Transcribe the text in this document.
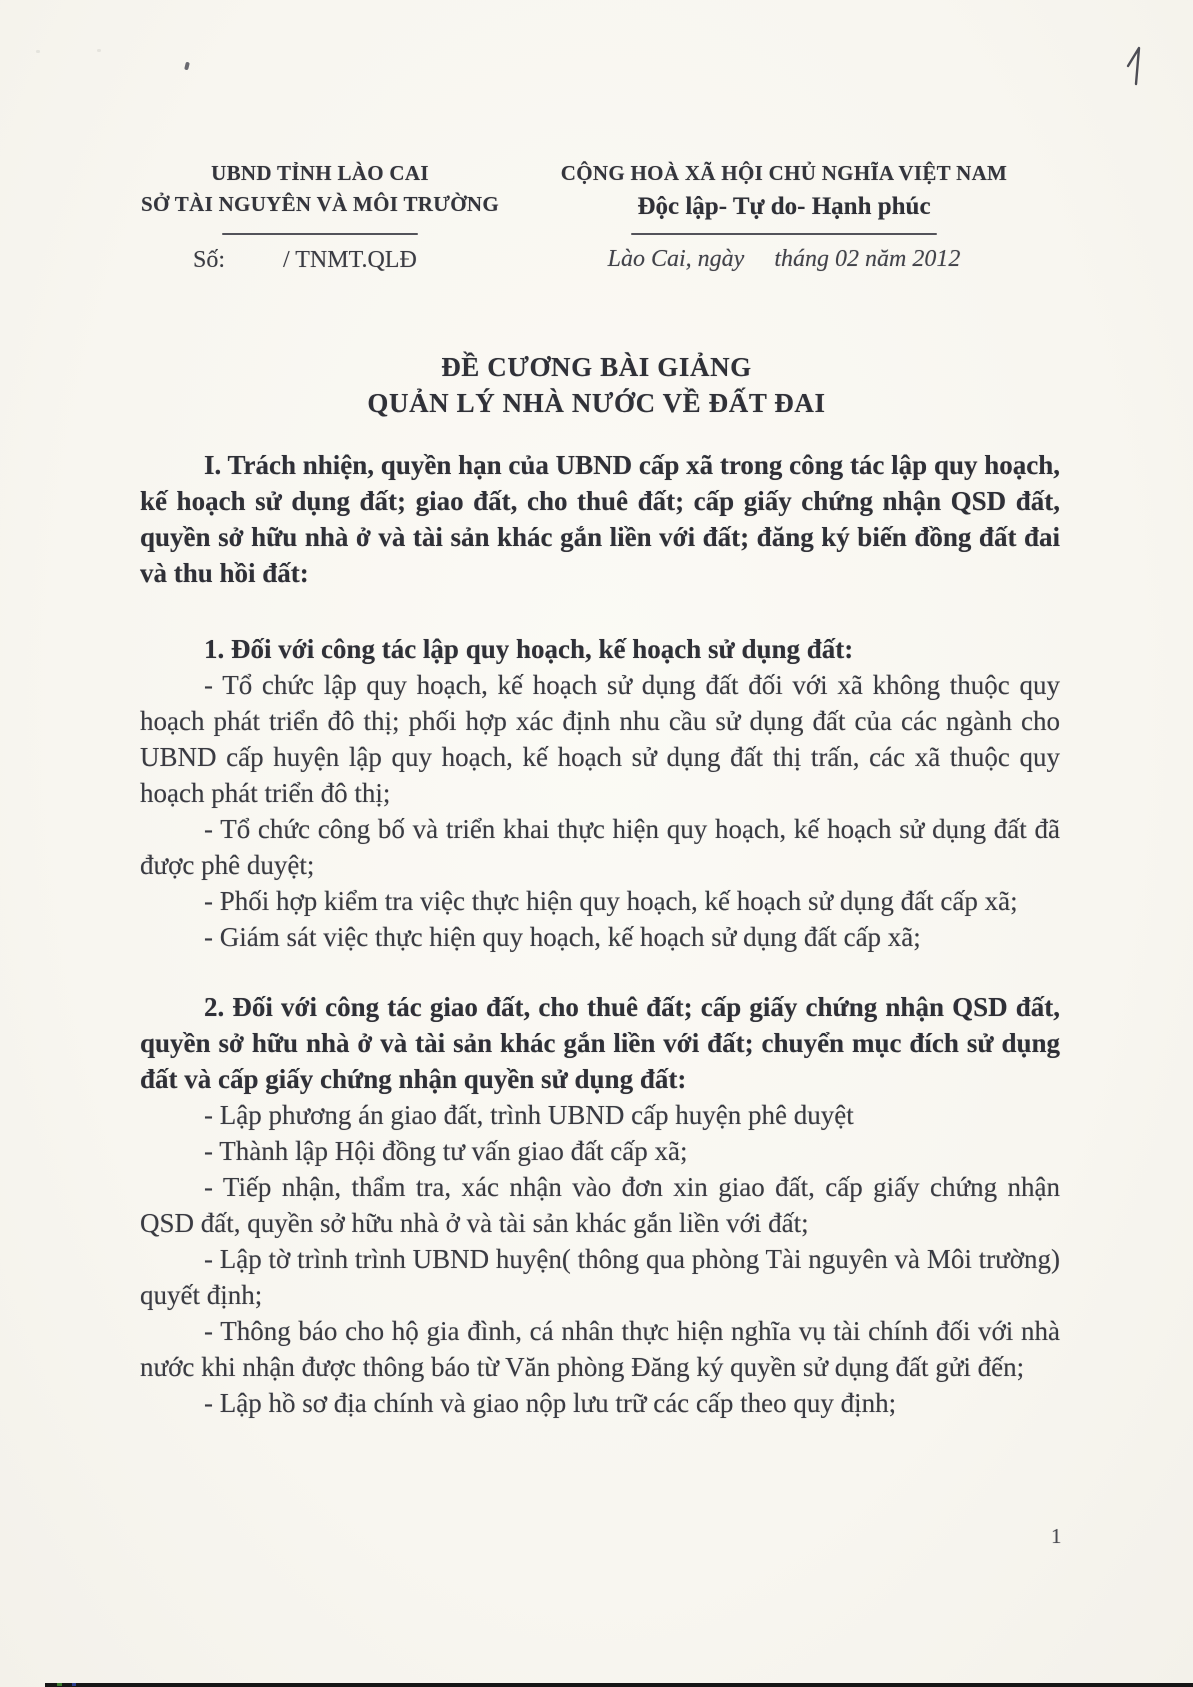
UBND TỈNH LÀO CAI
SỞ TÀI NGUYÊN VÀ MÔI TRƯỜNG
Số: / TNMT.QLĐ
CỘNG HOÀ XÃ HỘI CHỦ NGHĨA VIỆT NAM
Độc lập- Tự do- Hạnh phúc
Lào Cai, ngày     tháng 02 năm 2012
ĐỀ CƯƠNG BÀI GIẢNG
QUẢN LÝ NHÀ NƯỚC VỀ ĐẤT ĐAI

I. Trách nhiện, quyền hạn của UBND cấp xã trong công tác lập quy hoạch, kế hoạch sử dụng đất; giao đất, cho thuê đất; cấp giấy chứng nhận QSD đất, quyền sở hữu nhà ở và tài sản khác gắn liền với đất; đăng ký biến đồng đất đai và thu hồi đất:

1. Đối với công tác lập quy hoạch, kế hoạch sử dụng đất:

- Tổ chức lập quy hoạch, kế hoạch sử dụng đất đối với xã không thuộc quy hoạch phát triển đô thị; phối hợp xác định nhu cầu sử dụng đất của các ngành cho UBND cấp huyện lập quy hoạch, kế hoạch sử dụng đất thị trấn, các xã thuộc quy hoạch phát triển đô thị;

- Tổ chức công bố và triển khai thực hiện quy hoạch, kế hoạch sử dụng đất đã được phê duyệt;

- Phối hợp kiểm tra việc thực hiện quy hoạch, kế hoạch sử dụng đất cấp xã;

- Giám sát việc thực hiện quy hoạch, kế hoạch sử dụng đất cấp xã;

2. Đối với công tác giao đất, cho thuê đất; cấp giấy chứng nhận QSD đất, quyền sở hữu nhà ở và tài sản khác gắn liền với đất; chuyển mục đích sử dụng đất và cấp giấy chứng nhận quyền sử dụng đất:

- Lập phương án giao đất, trình UBND cấp huyện phê duyệt

- Thành lập Hội đồng tư vấn giao đất cấp xã;

- Tiếp nhận, thẩm tra, xác nhận vào đơn xin giao đất, cấp giấy chứng nhận QSD đất, quyền sở hữu nhà ở và tài sản khác gắn liền với đất;

- Lập tờ trình trình UBND huyện( thông qua phòng Tài nguyên và Môi trường) quyết định;

- Thông báo cho hộ gia đình, cá nhân thực hiện nghĩa vụ tài chính đối với nhà nước khi nhận được thông báo từ Văn phòng Đăng ký quyền sử dụng đất gửi đến;

- Lập hồ sơ địa chính và giao nộp lưu trữ các cấp theo quy định;

1
